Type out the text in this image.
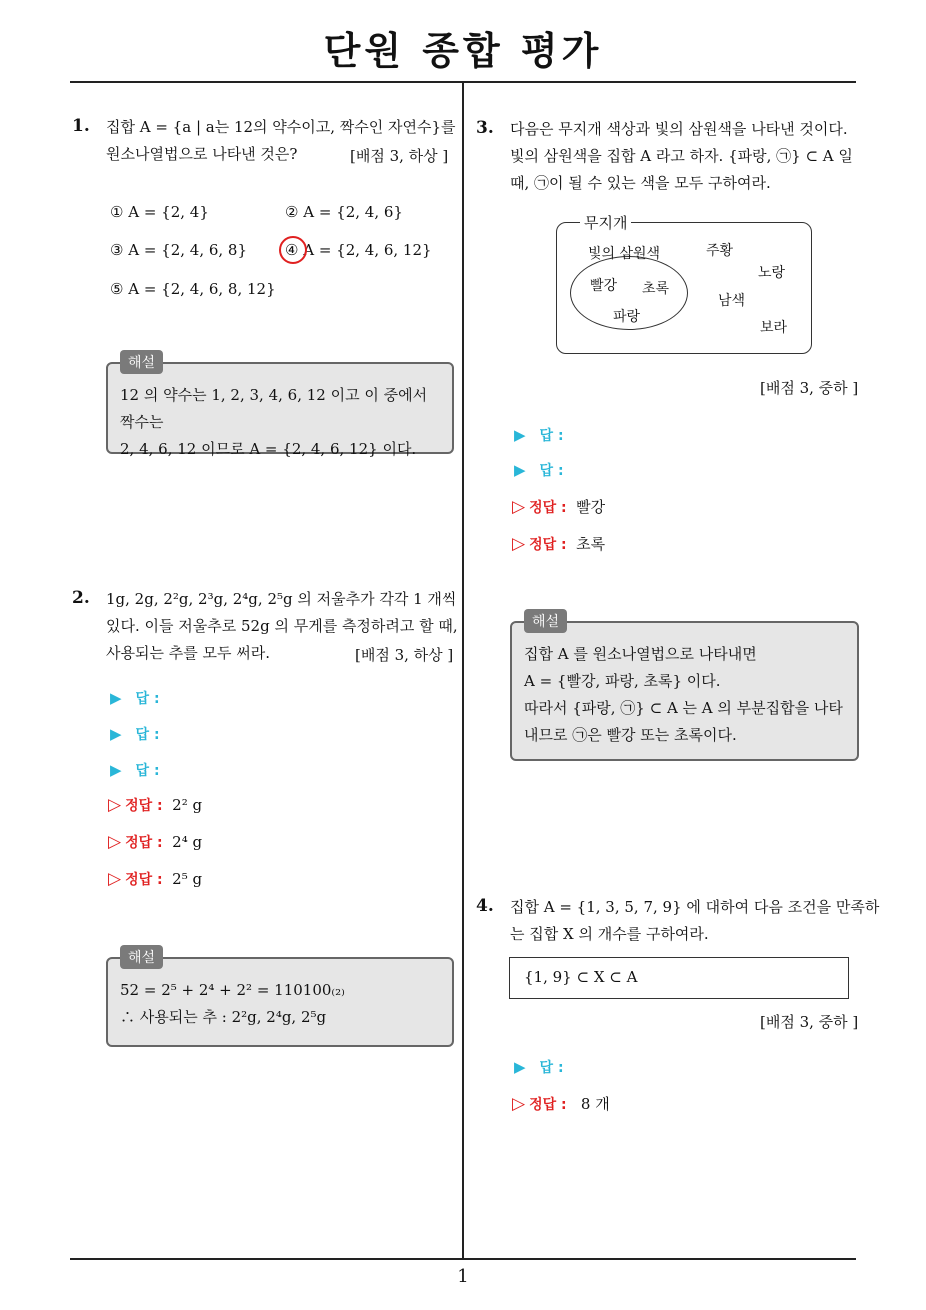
단원 종합 평가
1
1. 집합 A = {a | a는 12의 약수이고, 짝수인 자연수}를
원소나열법으로 나타낸 것은?	[배점 3, 하상 ]
① A = {2, 4}	② A = {2, 4, 6}
③ A = {2, 4, 6, 8}	④ A = {2, 4, 6, 12}
⑤ A = {2, 4, 6, 8, 12}
해설
12 의 약수는 1, 2, 3, 4, 6, 12 이고 이 중에서 짝수는
2, 4, 6, 12 이므로 A = {2, 4, 6, 12} 이다.
2. 1g, 2g, 2²g, 2³g, 2⁴g, 2⁵g 의 저울추가 각각 1 개씩
있다. 이들 저울추로 52g 의 무게를 측정하려고 할 때,
사용되는 추를 모두 써라.	[배점 3, 하상 ]
▶ 답 :
▶ 답 :
▶ 답 :
▷ 정답 : 2² g
▷ 정답 : 2⁴ g
▷ 정답 : 2⁵ g
해설
52 = 2⁵ + 2⁴ + 2² = 110100₍₂₎
∴ 사용되는 추 : 2²g, 2⁴g, 2⁵g
3. 다음은 무지개 색상과 빛의 삼원색을 나타낸 것이다.
빛의 삼원색을 집합 A 라고 하자. {파랑, ㉠} ⊂ A 일
때, ㉠이 될 수 있는 색을 모두 구하여라.
무지개
빛의 삼원색
빨강 초록
파랑
주황
노랑
남색
보라
[배점 3, 중하 ]
▶ 답 :
▶ 답 :
▷ 정답 : 빨강
▷ 정답 : 초록
해설
집합 A 를 원소나열법으로 나타내면
A = {빨강, 파랑, 초록} 이다.
따라서 {파랑, ㉠} ⊂ A 는 A 의 부분집합을 나타
내므로 ㉠은 빨강 또는 초록이다.
4. 집합 A = {1, 3, 5, 7, 9} 에 대하여 다음 조건을 만족하
는 집합 X 의 개수를 구하여라.
{1, 9} ⊂ X ⊂ A
[배점 3, 중하 ]
▶ 답 :
▷ 정답 : 8 개
